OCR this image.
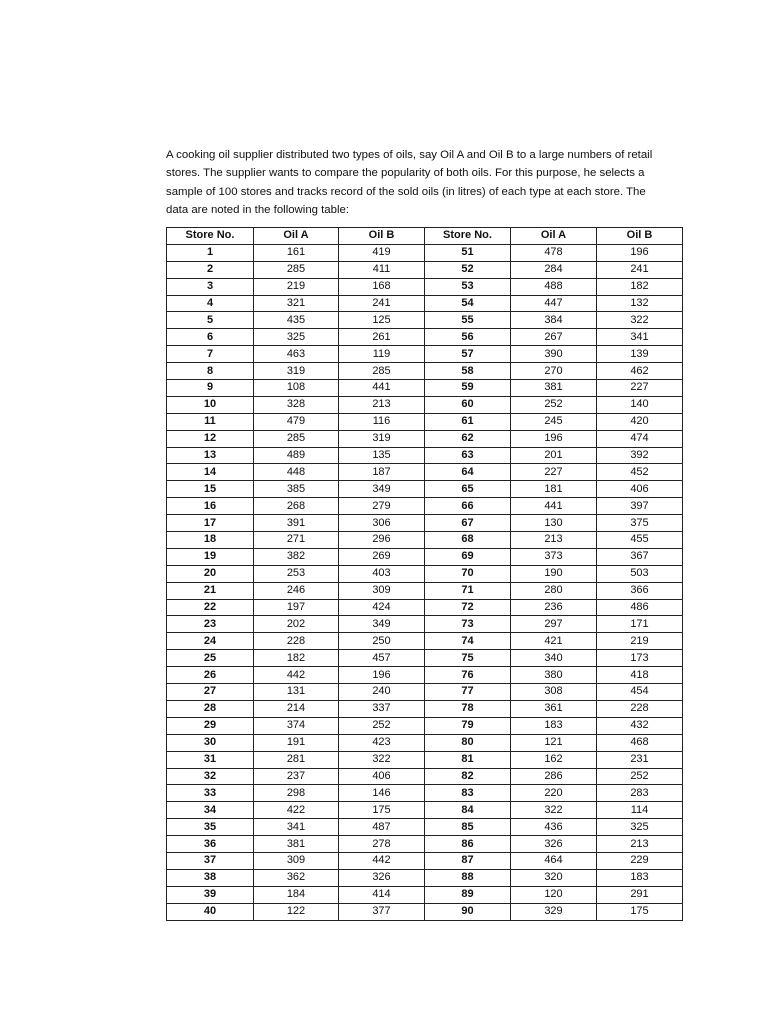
A cooking oil supplier distributed two types of oils, say Oil A and Oil B to a large numbers of retail stores. The supplier wants to compare the popularity of both oils. For this purpose, he selects a sample of 100 stores and tracks record of the sold oils (in litres) of each type at each store. The data are noted in the following table:

Store No.	Oil A	Oil B	Store No.	Oil A	Oil B
1	161	419	51	478	196
2	285	411	52	284	241
3	219	168	53	488	182
4	321	241	54	447	132
5	435	125	55	384	322
6	325	261	56	267	341
7	463	119	57	390	139
8	319	285	58	270	462
9	108	441	59	381	227
10	328	213	60	252	140
11	479	116	61	245	420
12	285	319	62	196	474
13	489	135	63	201	392
14	448	187	64	227	452
15	385	349	65	181	406
16	268	279	66	441	397
17	391	306	67	130	375
18	271	296	68	213	455
19	382	269	69	373	367
20	253	403	70	190	503
21	246	309	71	280	366
22	197	424	72	236	486
23	202	349	73	297	171
24	228	250	74	421	219
25	182	457	75	340	173
26	442	196	76	380	418
27	131	240	77	308	454
28	214	337	78	361	228
29	374	252	79	183	432
30	191	423	80	121	468
31	281	322	81	162	231
32	237	406	82	286	252
33	298	146	83	220	283
34	422	175	84	322	114
35	341	487	85	436	325
36	381	278	86	326	213
37	309	442	87	464	229
38	362	326	88	320	183
39	184	414	89	120	291
40	122	377	90	329	175
